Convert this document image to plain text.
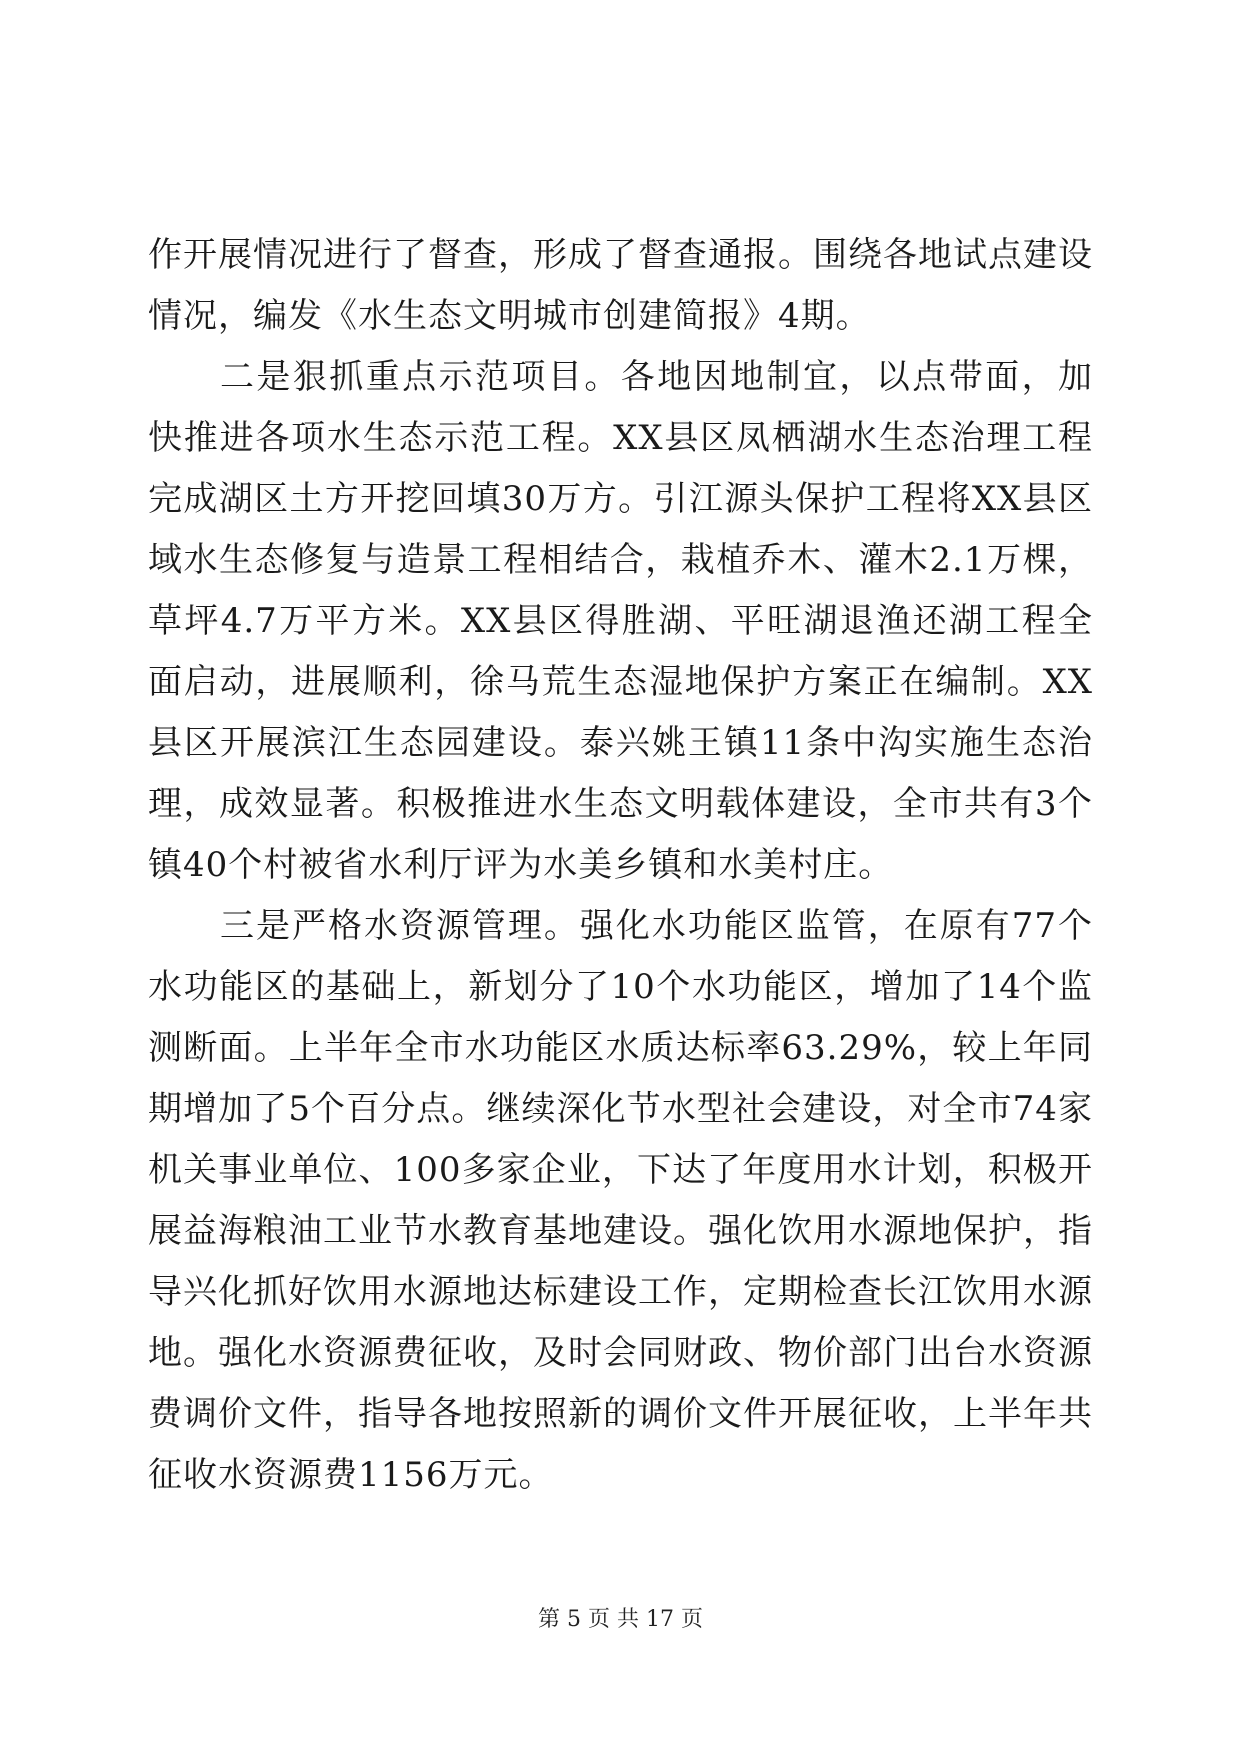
作开展情况进行了督查，形成了督查通报。围绕各地试点建设情况，编发《水生态文明城市创建简报》4期。

二是狠抓重点示范项目。各地因地制宜，以点带面，加快推进各项水生态示范工程。XX县区凤栖湖水生态治理工程完成湖区土方开挖回填30万方。引江源头保护工程将XX县区域水生态修复与造景工程相结合，栽植乔木、灌木2.1万棵，草坪4.7万平方米。XX县区得胜湖、平旺湖退渔还湖工程全面启动，进展顺利，徐马荒生态湿地保护方案正在编制。XX县区开展滨江生态园建设。泰兴姚王镇11条中沟实施生态治理，成效显著。积极推进水生态文明载体建设，全市共有3个镇40个村被省水利厅评为水美乡镇和水美村庄。

三是严格水资源管理。强化水功能区监管，在原有77个水功能区的基础上，新划分了10个水功能区，增加了14个监测断面。上半年全市水功能区水质达标率63.29%，较上年同期增加了5个百分点。继续深化节水型社会建设，对全市74家机关事业单位、100多家企业，下达了年度用水计划，积极开展益海粮油工业节水教育基地建设。强化饮用水源地保护，指导兴化抓好饮用水源地达标建设工作，定期检查长江饮用水源地。强化水资源费征收，及时会同财政、物价部门出台水资源费调价文件，指导各地按照新的调价文件开展征收，上半年共征收水资源费1156万元。

第 5 页 共 17 页
